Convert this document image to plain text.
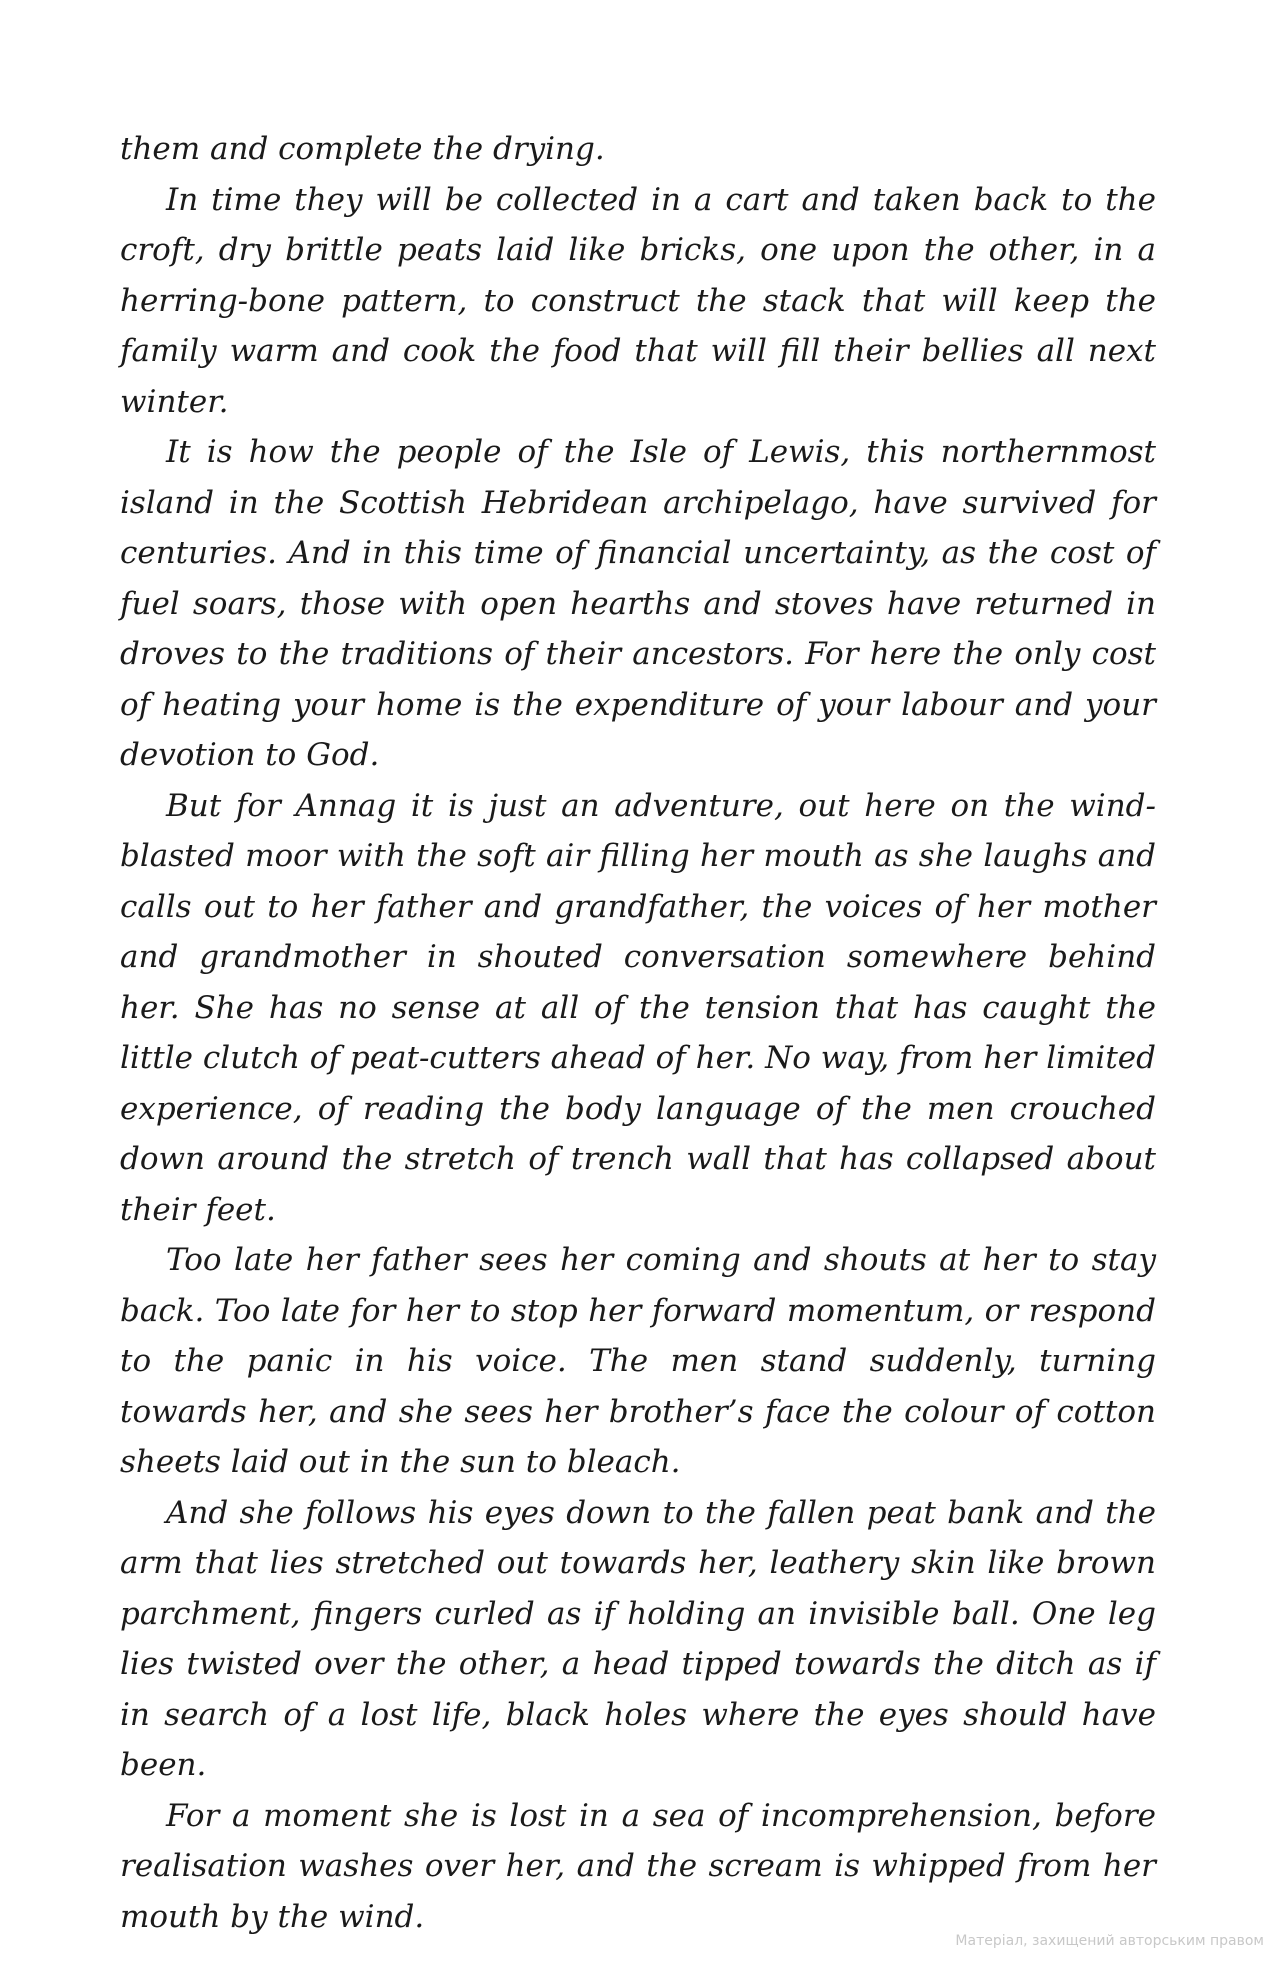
them and complete the drying.

In time they will be collected in a cart and taken back to the croft, dry brittle peats laid like bricks, one upon the other, in a herring-bone pattern, to construct the stack that will keep the family warm and cook the food that will fill their bellies all next winter.

It is how the people of the Isle of Lewis, this northernmost island in the Scottish Hebridean archipelago, have survived for centuries. And in this time of financial uncertainty, as the cost of fuel soars, those with open hearths and stoves have returned in droves to the traditions of their ancestors. For here the only cost of heating your home is the expenditure of your labour and your devotion to God.

But for Annag it is just an adventure, out here on the wind-blasted moor with the soft air filling her mouth as she laughs and calls out to her father and grandfather, the voices of her mother and grandmother in shouted conversation somewhere behind her. She has no sense at all of the tension that has caught the little clutch of peat-cutters ahead of her. No way, from her limited experience, of reading the body language of the men crouched down around the stretch of trench wall that has collapsed about their feet.

Too late her father sees her coming and shouts at her to stay back. Too late for her to stop her forward momentum, or respond to the panic in his voice. The men stand suddenly, turning towards her, and she sees her brother’s face the colour of cotton sheets laid out in the sun to bleach.

And she follows his eyes down to the fallen peat bank and the arm that lies stretched out towards her, leathery skin like brown parchment, fingers curled as if holding an invisible ball. One leg lies twisted over the other, a head tipped towards the ditch as if in search of a lost life, black holes where the eyes should have been.

For a moment she is lost in a sea of incomprehension, before realisation washes over her, and the scream is whipped from her mouth by the wind.

Матеріал, захищений авторським правом
